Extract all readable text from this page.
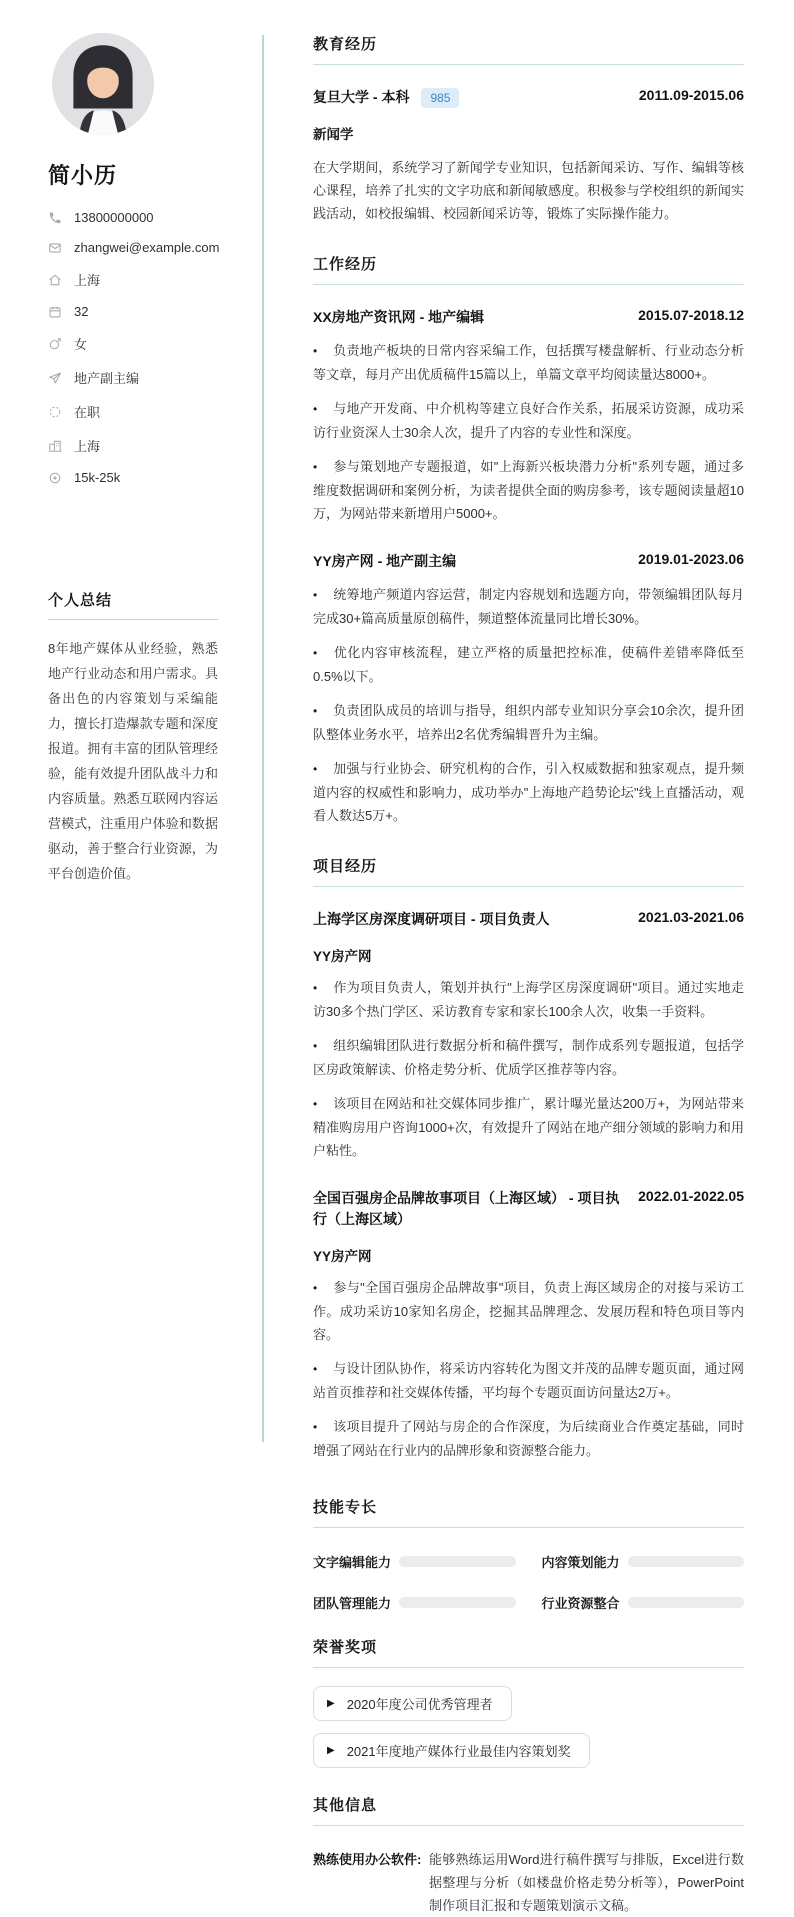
简小历
13800000000
zhangwei@example.com
上海
32
女
地产副主编
在职
上海
15k-25k
个人总结
8年地产媒体从业经验，熟悉地产行业动态和用户需求。具备出色的内容策划与采编能力，擅长打造爆款专题和深度报道。拥有丰富的团队管理经验，能有效提升团队战斗力和内容质量。熟悉互联网内容运营模式，注重用户体验和数据驱动，善于整合行业资源，为平台创造价值。
教育经历
复旦大学 - 本科	985	2011.09-2015.06
新闻学
在大学期间，系统学习了新闻学专业知识，包括新闻采访、写作、编辑等核心课程，培养了扎实的文字功底和新闻敏感度。积极参与学校组织的新闻实践活动，如校报编辑、校园新闻采访等，锻炼了实际操作能力。
工作经历
XX房地产资讯网 - 地产编辑	2015.07-2018.12
• 负责地产板块的日常内容采编工作，包括撰写楼盘解析、行业动态分析等文章，每月产出优质稿件15篇以上，单篇文章平均阅读量达8000+。
• 与地产开发商、中介机构等建立良好合作关系，拓展采访资源，成功采访行业资深人士30余人次，提升了内容的专业性和深度。
• 参与策划地产专题报道，如"上海新兴板块潜力分析"系列专题，通过多维度数据调研和案例分析，为读者提供全面的购房参考，该专题阅读量超10万，为网站带来新增用户5000+。
YY房产网 - 地产副主编	2019.01-2023.06
• 统筹地产频道内容运营，制定内容规划和选题方向，带领编辑团队每月完成30+篇高质量原创稿件，频道整体流量同比增长30%。
• 优化内容审核流程，建立严格的质量把控标准，使稿件差错率降低至0.5%以下。
• 负责团队成员的培训与指导，组织内部专业知识分享会10余次，提升团队整体业务水平，培养出2名优秀编辑晋升为主编。
• 加强与行业协会、研究机构的合作，引入权威数据和独家观点，提升频道内容的权威性和影响力，成功举办"上海地产趋势论坛"线上直播活动，观看人数达5万+。
项目经历
上海学区房深度调研项目 - 项目负责人	2021.03-2021.06
YY房产网
• 作为项目负责人，策划并执行"上海学区房深度调研"项目。通过实地走访30多个热门学区、采访教育专家和家长100余人次，收集一手资料。
• 组织编辑团队进行数据分析和稿件撰写，制作成系列专题报道，包括学区房政策解读、价格走势分析、优质学区推荐等内容。
• 该项目在网站和社交媒体同步推广，累计曝光量达200万+，为网站带来精准购房用户咨询1000+次，有效提升了网站在地产细分领域的影响力和用户粘性。
全国百强房企品牌故事项目（上海区域） - 项目执行（上海区域）
2022.01-2022.05
YY房产网
• 参与"全国百强房企品牌故事"项目，负责上海区域房企的对接与采访工作。成功采访10家知名房企，挖掘其品牌理念、发展历程和特色项目等内容。
• 与设计团队协作，将采访内容转化为图文并茂的品牌专题页面，通过网站首页推荐和社交媒体传播，平均每个专题页面访问量达2万+。
• 该项目提升了网站与房企的合作深度，为后续商业合作奠定基础，同时增强了网站在行业内的品牌形象和资源整合能力。
技能专长
文字编辑能力	内容策划能力
团队管理能力	行业资源整合
荣誉奖项
▶ 2020年度公司优秀管理者
▶ 2021年度地产媒体行业最佳内容策划奖
其他信息
熟练使用办公软件: 能够熟练运用Word进行稿件撰写与排版，Excel进行数据整理与分析（如楼盘价格走势分析等），PowerPoint制作项目汇报和专题策划演示文稿。
